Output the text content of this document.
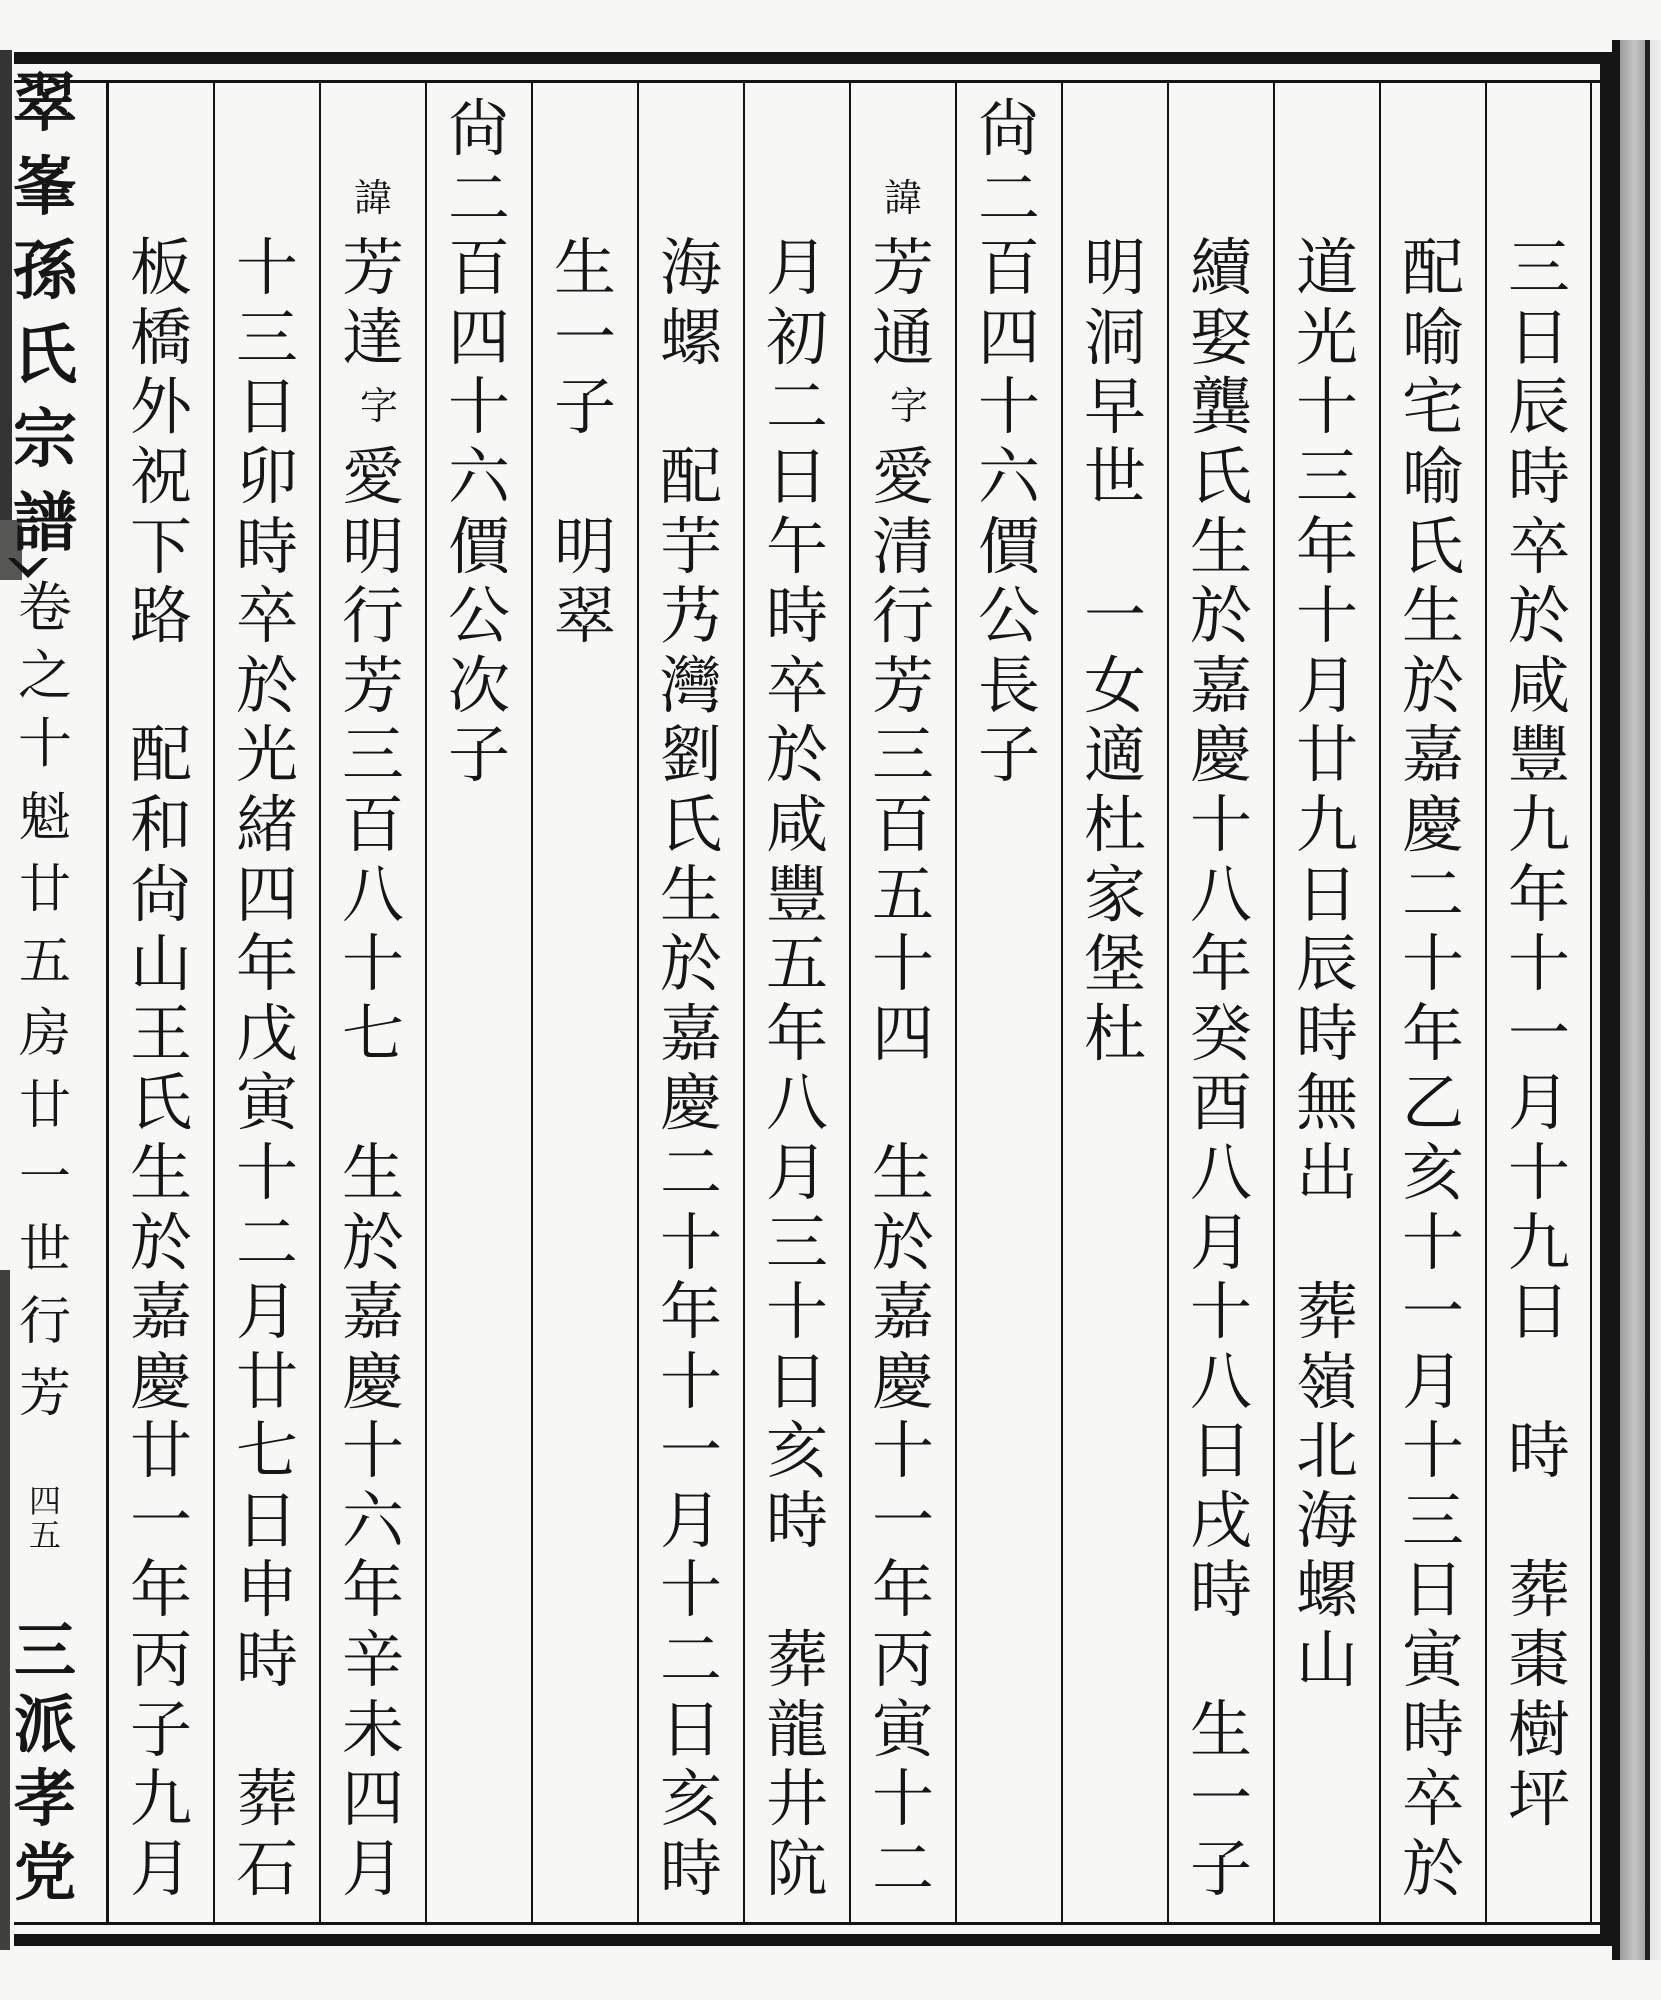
翠
峯
孫
氏
宗
譜
卷
之
十
魁
廿
五
房
廿
一
世
行
芳
四
五
三
派
孝
党
三
日
辰
時
卒
於
咸
豐
九
年
十
一
月
十
九
日

時

葬
棗
樹
坪
配
喻
宅
喻
氏
生
於
嘉
慶
二
十
年
乙
亥
十
一
月
十
三
日
寅
時
卒
於
道
光
十
三
年
十
月
廿
九
日
辰
時
無
出

葬
嶺
北
海
螺
山
續
娶
龔
氏
生
於
嘉
慶
十
八
年
癸
酉
八
月
十
八
日
戌
時

生
一
子
明
洞
早
世

一
女
適
杜
家
堡
杜
尙
二
百
四
十
六
價
公
長
子
諱
芳
通
字
愛
清
行
芳
三
百
五
十
四

生
於
嘉
慶
十
一
年
丙
寅
十
二
月
初
二
日
午
時
卒
於
咸
豐
五
年
八
月
三
十
日
亥
時

葬
龍
井
阬
海
螺

配
芋
艿
灣
劉
氏
生
於
嘉
慶
二
十
年
十
一
月
十
二
日
亥
時
生
一
子

明
翠
尙
二
百
四
十
六
價
公
次
子
諱
芳
達
字
愛
明
行
芳
三
百
八
十
七

生
於
嘉
慶
十
六
年
辛
未
四
月
十
三
日
卯
時
卒
於
光
緒
四
年
戊
寅
十
二
月
廿
七
日
申
時

葬
石
板
橋
外
祝
下
路

配
和
尙
山
王
氏
生
於
嘉
慶
廿
一
年
丙
子
九
月
